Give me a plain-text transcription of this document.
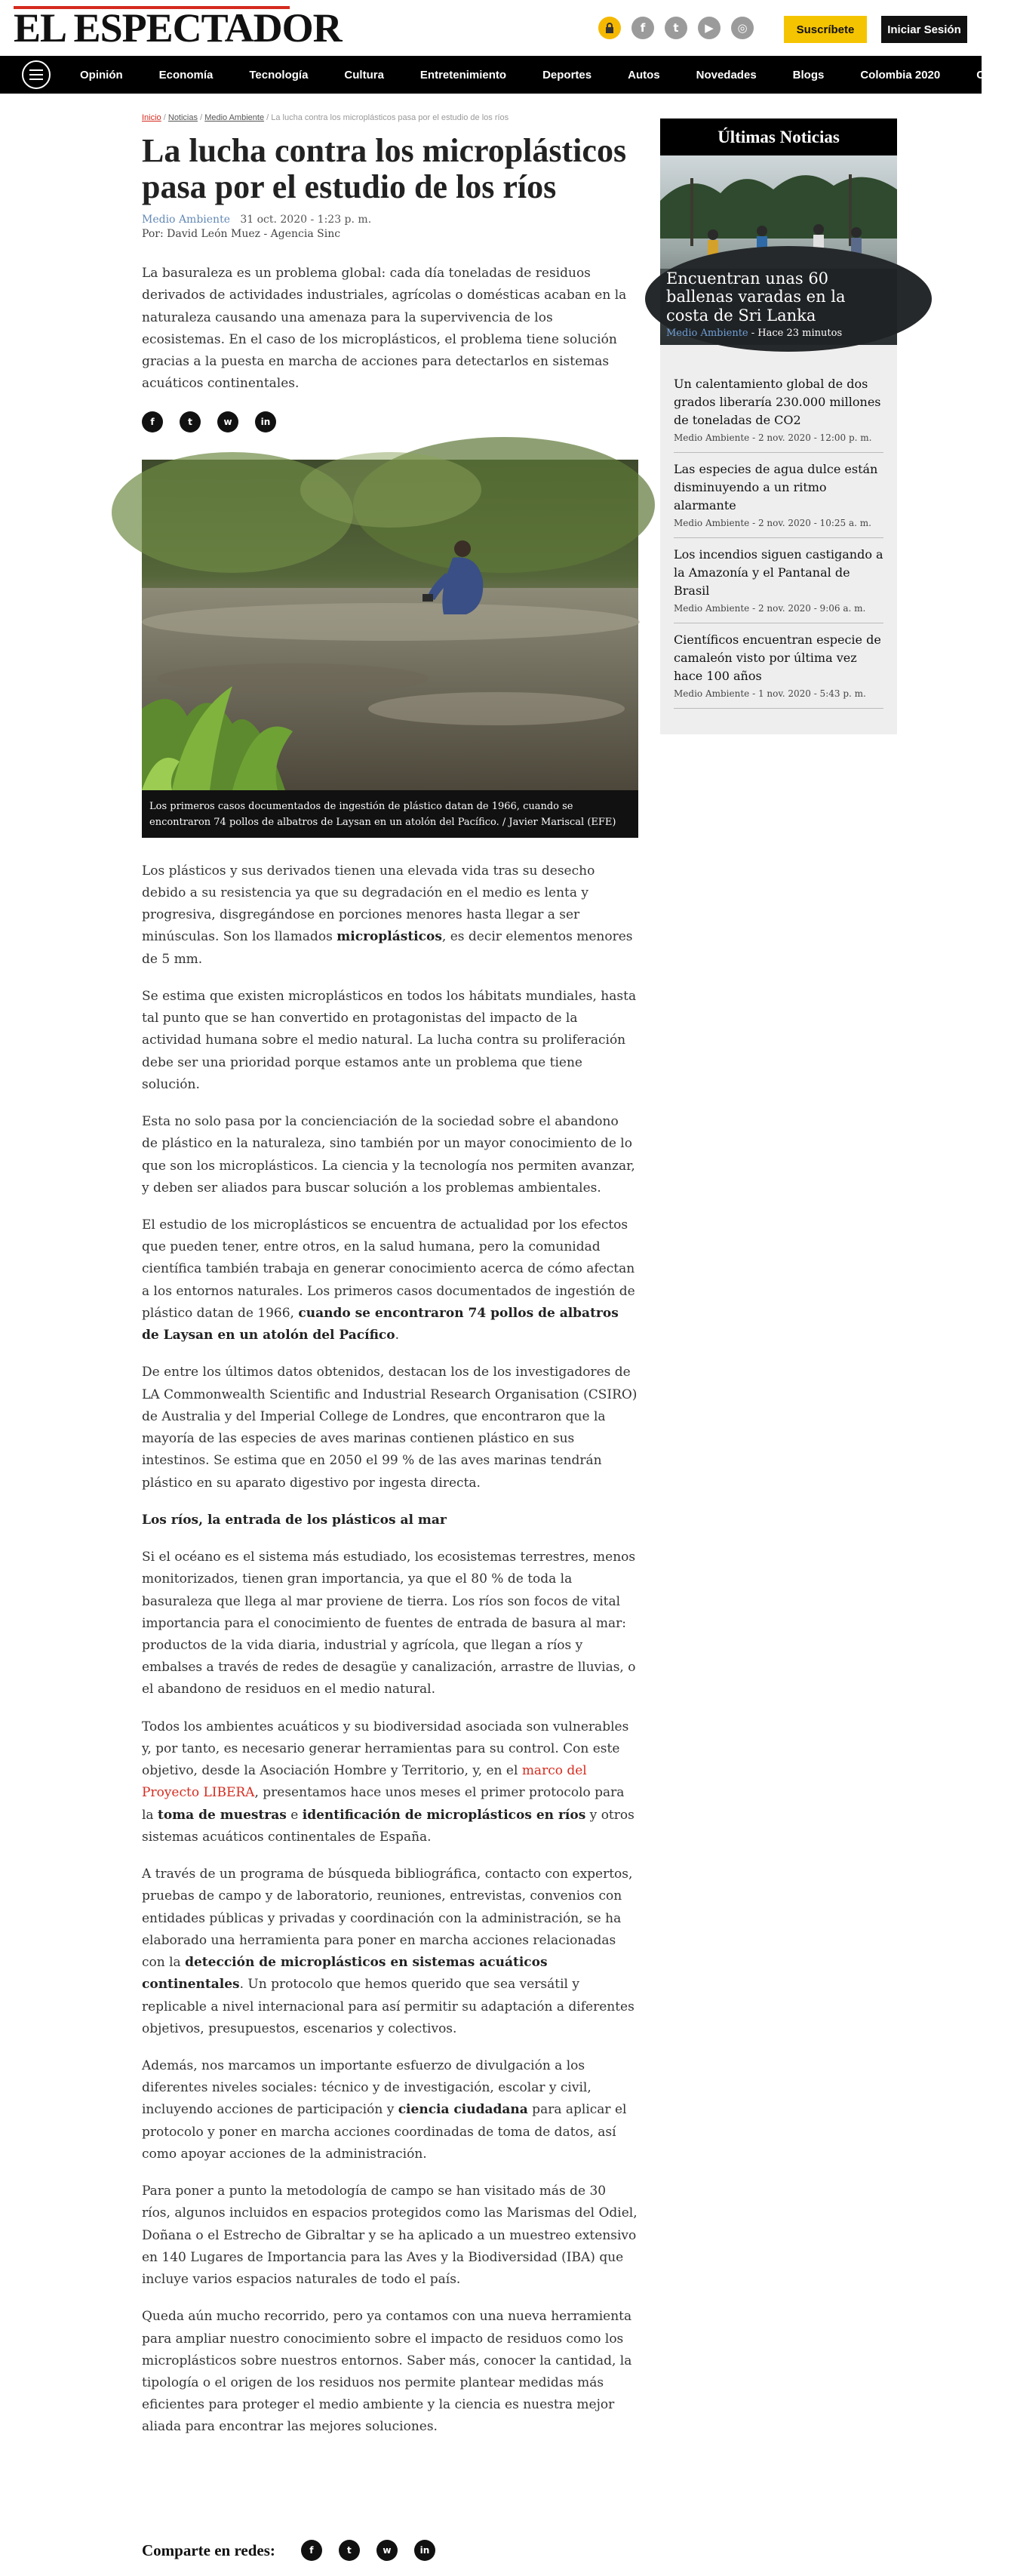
EL ESPECTADOR	f	t	▶	◎	Suscríbete	Iniciar Sesión
Opinión	Economía	Tecnología	Cultura	Entretenimiento	Deportes	Autos	Novedades	Blogs	Colombia 2020	Cro
Inicio / Noticias / Medio Ambiente / La lucha contra los microplásticos pasa por el estudio de los ríos
La lucha contra los microplásticos pasa por el estudio de los ríos
Medio Ambiente 31 oct. 2020 - 1:23 p. m.
Por: David León Muez - Agencia Sinc

La basuraleza es un problema global: cada día toneladas de residuos derivados de actividades industriales, agrícolas o domésticas acaban en la naturaleza causando una amenaza para la supervivencia de los ecosistemas. En el caso de los microplásticos, el problema tiene solución gracias a la puesta en marcha de acciones para detectarlos en sistemas acuáticos continentales.

f	t	w	in
Los primeros casos documentados de ingestión de plástico datan de 1966, cuando se encontraron 74 pollos de albatros de Laysan en un atolón del Pacífico. / Javier Mariscal (EFE)

Los plásticos y sus derivados tienen una elevada vida tras su desecho debido a su resistencia ya que su degradación en el medio es lenta y progresiva, disgregándose en porciones menores hasta llegar a ser minúsculas. Son los llamados microplásticos, es decir elementos menores de 5 mm.

Se estima que existen microplásticos en todos los hábitats mundiales, hasta tal punto que se han convertido en protagonistas del impacto de la actividad humana sobre el medio natural. La lucha contra su proliferación debe ser una prioridad porque estamos ante un problema que tiene solución.

Esta no solo pasa por la concienciación de la sociedad sobre el abandono de plástico en la naturaleza, sino también por un mayor conocimiento de lo que son los microplásticos. La ciencia y la tecnología nos permiten avanzar, y deben ser aliados para buscar solución a los problemas ambientales.

El estudio de los microplásticos se encuentra de actualidad por los efectos que pueden tener, entre otros, en la salud humana, pero la comunidad científica también trabaja en generar conocimiento acerca de cómo afectan a los entornos naturales. Los primeros casos documentados de ingestión de plástico datan de 1966, cuando se encontraron 74 pollos de albatros de Laysan en un atolón del Pacífico.

De entre los últimos datos obtenidos, destacan los de los investigadores de LA Commonwealth Scientific and Industrial Research Organisation (CSIRO) de Australia y del Imperial College de Londres, que encontraron que la mayoría de las especies de aves marinas contienen plástico en sus intestinos. Se estima que en 2050 el 99 % de las aves marinas tendrán plástico en su aparato digestivo por ingesta directa.

Los ríos, la entrada de los plásticos al mar

Si el océano es el sistema más estudiado, los ecosistemas terrestres, menos monitorizados, tienen gran importancia, ya que el 80 % de toda la basuraleza que llega al mar proviene de tierra. Los ríos son focos de vital importancia para el conocimiento de fuentes de entrada de basura al mar: productos de la vida diaria, industrial y agrícola, que llegan a ríos y embalses a través de redes de desagüe y canalización, arrastre de lluvias, o el abandono de residuos en el medio natural.

Todos los ambientes acuáticos y su biodiversidad asociada son vulnerables y, por tanto, es necesario generar herramientas para su control. Con este objetivo, desde la Asociación Hombre y Territorio, y, en el marco del Proyecto LIBERA, presentamos hace unos meses el primer protocolo para la toma de muestras e identificación de microplásticos en ríos y otros sistemas acuáticos continentales de España.

A través de un programa de búsqueda bibliográfica, contacto con expertos, pruebas de campo y de laboratorio, reuniones, entrevistas, convenios con entidades públicas y privadas y coordinación con la administración, se ha elaborado una herramienta para poner en marcha acciones relacionadas con la detección de microplásticos en sistemas acuáticos continentales. Un protocolo que hemos querido que sea versátil y replicable a nivel internacional para así permitir su adaptación a diferentes objetivos, presupuestos, escenarios y colectivos.

Además, nos marcamos un importante esfuerzo de divulgación a los diferentes niveles sociales: técnico y de investigación, escolar y civil, incluyendo acciones de participación y ciencia ciudadana para aplicar el protocolo y poner en marcha acciones coordinadas de toma de datos, así como apoyar acciones de la administración.

Para poner a punto la metodología de campo se han visitado más de 30 ríos, algunos incluidos en espacios protegidos como las Marismas del Odiel, Doñana o el Estrecho de Gibraltar y se ha aplicado a un muestreo extensivo en 140 Lugares de Importancia para las Aves y la Biodiversidad (IBA) que incluye varios espacios naturales de todo el país.

Queda aún mucho recorrido, pero ya contamos con una nueva herramienta para ampliar nuestro conocimiento sobre el impacto de residuos como los microplásticos sobre nuestros entornos. Saber más, conocer la cantidad, la tipología o el origen de los residuos nos permite plantear medidas más eficientes para proteger el medio ambiente y la ciencia es nuestra mejor aliada para encontrar las mejores soluciones.

Comparte en redes:	f	t	w	in
Últimas Noticias
Encuentran unas 60 ballenas varadas en la costa de Sri Lanka
Medio Ambiente - Hace 23 minutos
Un calentamiento global de dos grados liberaría 230.000 millones de toneladas de CO2
Medio Ambiente - 2 nov. 2020 - 12:00 p. m.
Las especies de agua dulce están disminuyendo a un ritmo alarmante
Medio Ambiente - 2 nov. 2020 - 10:25 a. m.
Los incendios siguen castigando a la Amazonía y el Pantanal de Brasil
Medio Ambiente - 2 nov. 2020 - 9:06 a. m.
Científicos encuentran especie de camaleón visto por última vez hace 100 años
Medio Ambiente - 1 nov. 2020 - 5:43 p. m.
